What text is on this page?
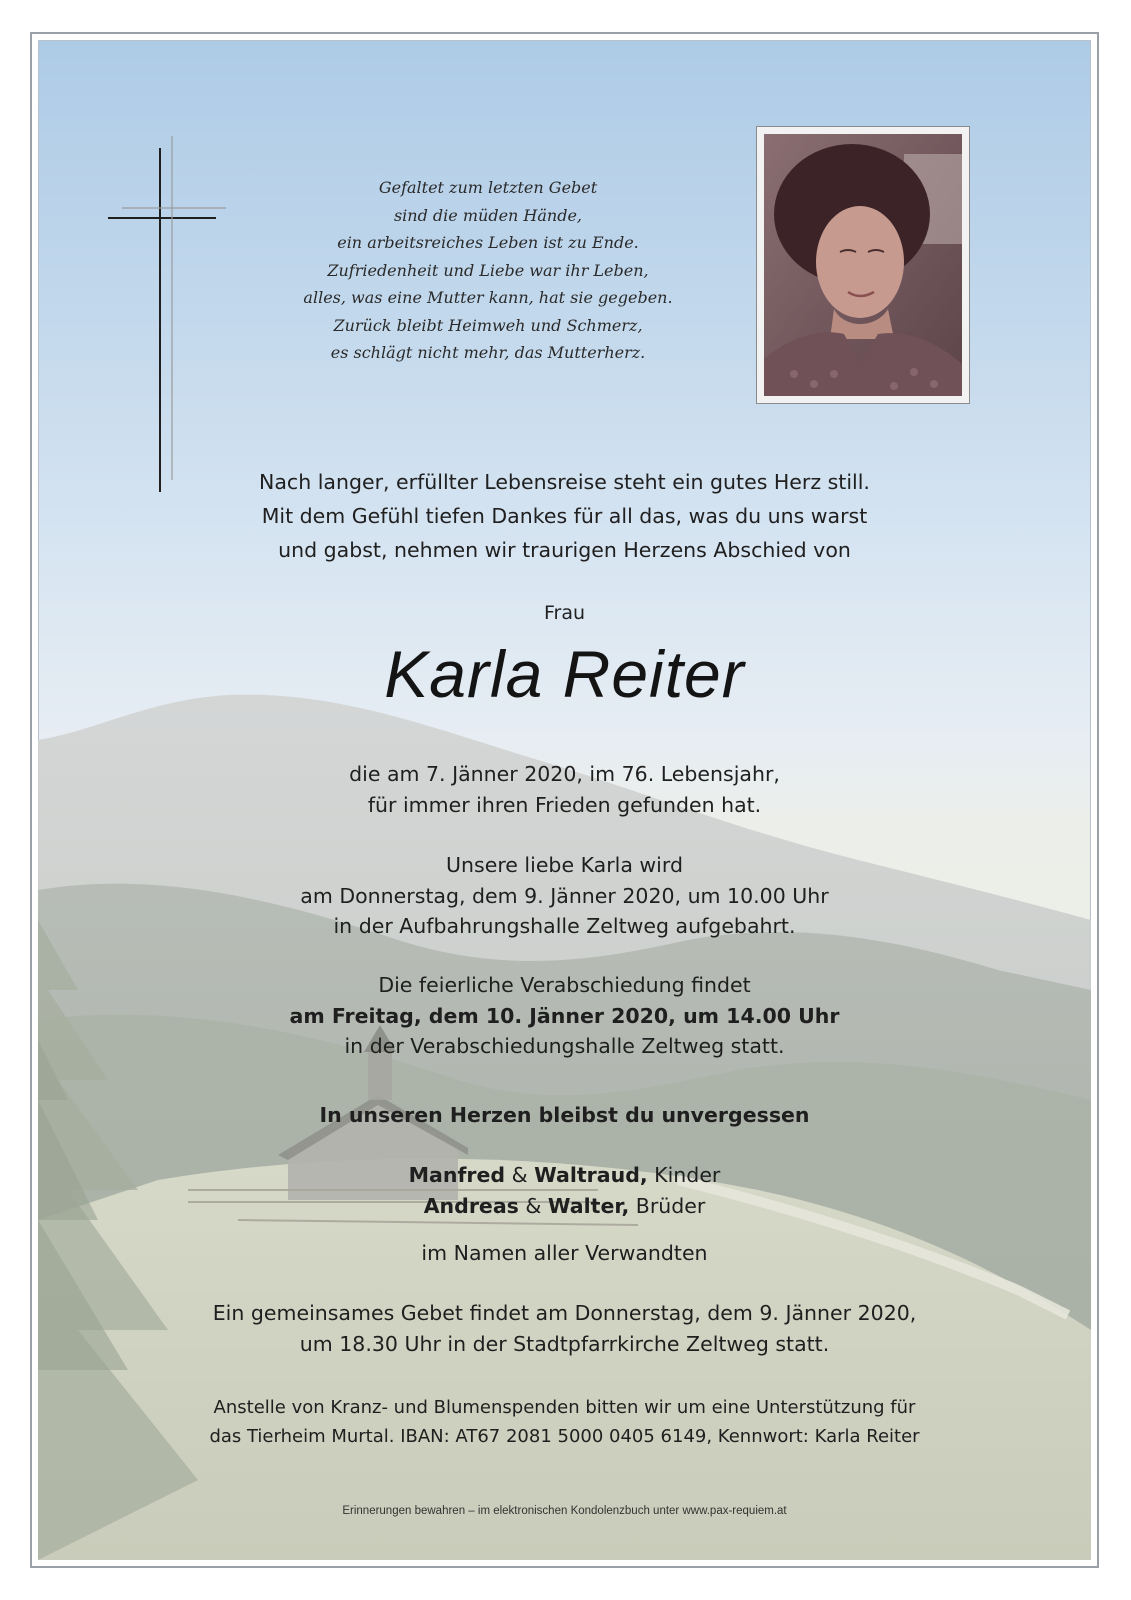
Gefaltet zum letzten Gebet
sind die müden Hände,
ein arbeitsreiches Leben ist zu Ende.
Zufriedenheit und Liebe war ihr Leben,
alles, was eine Mutter kann, hat sie gegeben.
Zurück bleibt Heimweh und Schmerz,
es schlägt nicht mehr, das Mutterherz.
Nach langer, erfüllter Lebensreise steht ein gutes Herz still.
Mit dem Gefühl tiefen Dankes für all das, was du uns warst
und gabst, nehmen wir traurigen Herzens Abschied von
Frau
Karla Reiter
die am 7. Jänner 2020, im 76. Lebensjahr,
für immer ihren Frieden gefunden hat.
Unsere liebe Karla wird
am Donnerstag, dem 9. Jänner 2020, um 10.00 Uhr
in der Aufbahrungshalle Zeltweg aufgebahrt.
Die feierliche Verabschiedung findet
am Freitag, dem 10. Jänner 2020, um 14.00 Uhr
in der Verabschiedungshalle Zeltweg statt.
In unseren Herzen bleibst du unvergessen
Manfred & Waltraud, Kinder
Andreas & Walter, Brüder
im Namen aller Verwandten
Ein gemeinsames Gebet findet am Donnerstag, dem 9. Jänner 2020,
um 18.30 Uhr in der Stadtpfarrkirche Zeltweg statt.
Anstelle von Kranz- und Blumenspenden bitten wir um eine Unterstützung für
das Tierheim Murtal. IBAN: AT67 2081 5000 0405 6149, Kennwort: Karla Reiter
Erinnerungen bewahren – im elektronischen Kondolenzbuch unter www.pax-requiem.at
